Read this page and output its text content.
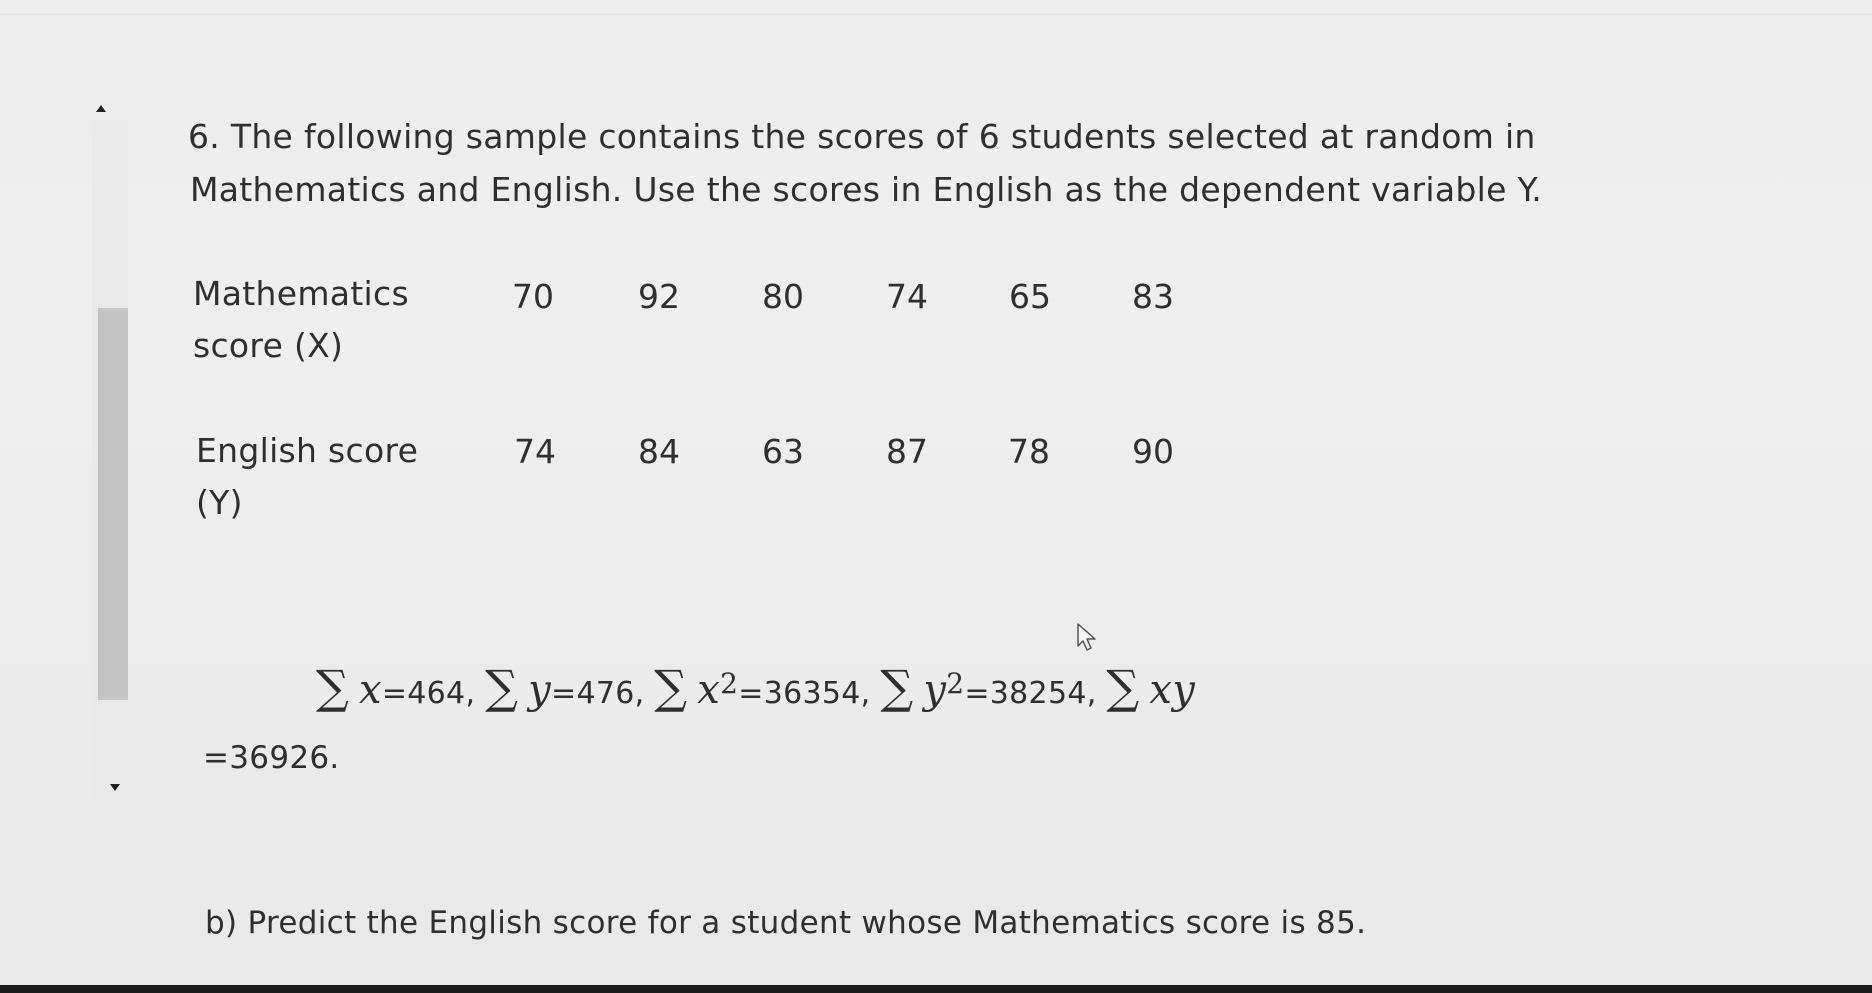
6. The following sample contains the scores of 6 students selected at random in
Mathematics and English. Use the scores in English as the dependent variable Y.
Mathematics
score (X)
English score
(Y)
70	92 80 74 65 83
74 84 63 87 78 90
∑ x=464, ∑ y=476, ∑ $x^2=36354$, ∑ $y^2=38254$, ∑ xy
=36926.
b) Predict the English score for a student whose Mathematics score is 85.
